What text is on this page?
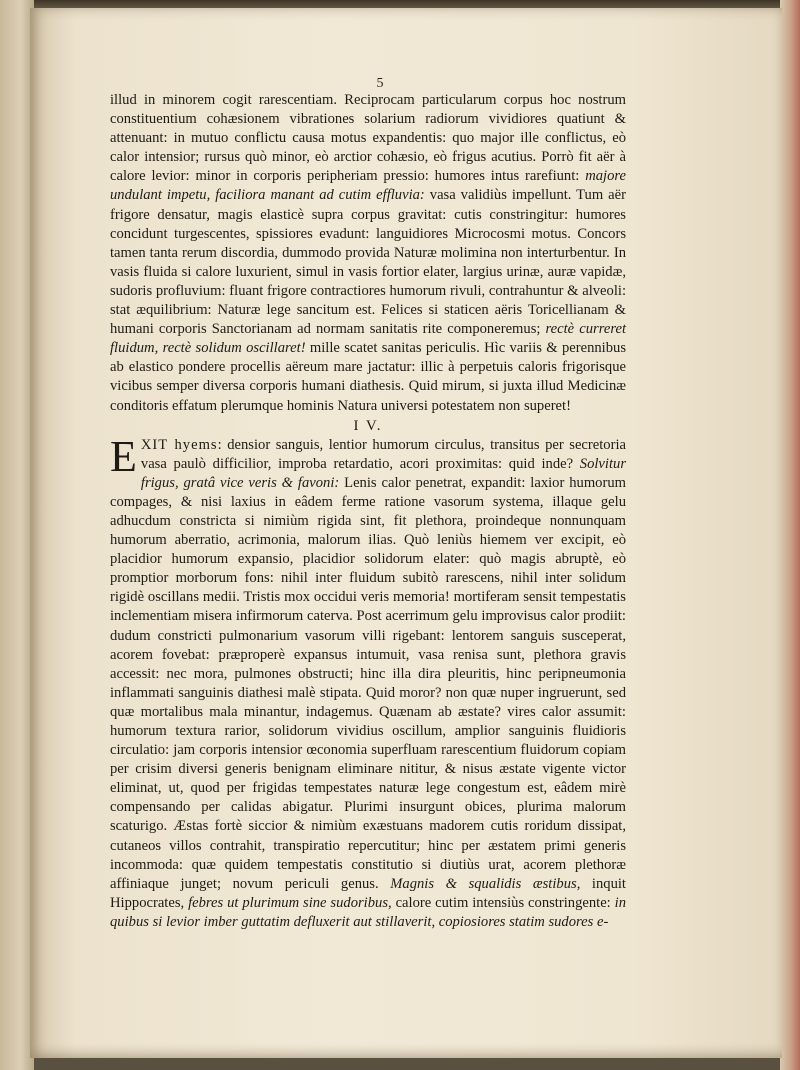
5

illud in minorem cogit rarescentiam. Reciprocam particularum corpus hoc nostrum constituentium cohæsionem vibrationes solarium radiorum vividiores quatiunt & attenuant: in mutuo conflictu causa motus expandentis: quo major ille conflictus, eò calor intensior; rursus quò minor, eò arctior cohæsio, eò frigus acutius. Porrò fit aër à calore levior: minor in corporis peripheriam pressio: humores intus rarefiunt: majore undulant impetu, faciliora manant ad cutim effluvia: vasa validiùs impellunt. Tum aër frigore densatur, magis elasticè supra corpus gravitat: cutis constringitur: humores concidunt turgescentes, spissiores evadunt: languidiores Microcosmi motus. Concors tamen tanta rerum discordia, dummodo provida Naturæ molimina non interturbentur. In vasis fluida si calore luxurient, simul in vasis fortior elater, largius urinæ, auræ vapidæ, sudoris profluvium: fluant frigore contractiores humorum rivuli, contrahuntur & alveoli: stat æquilibrium: Naturæ lege sancitum est. Felices si staticen aëris Toricellianam & humani corporis Sanctorianam ad normam sanitatis rite componeremus; rectè curreret fluidum, rectè solidum oscillaret! mille scatet sanitas periculis. Hìc variis & perennibus ab elastico pondere procellis aëreum mare jactatur: illic à perpetuis caloris frigorisque vicibus semper diversa corporis humani diathesis. Quid mirum, si juxta illud Medicinæ conditoris effatum plerumque hominis Natura universi potestatem non superet!

I V.

EXIT hyems: densior sanguis, lentior humorum circulus, transitus per secretoria vasa paulò difficilior, improba retardatio, acori proximitas: quid inde? Solvitur frigus, gratâ vice veris & favoni: Lenis calor penetrat, expandit: laxior humorum compages, & nisi laxius in eâdem ferme ratione vasorum systema, illaque gelu adhucdum constricta si nimiùm rigida sint, fit plethora, proindeque nonnunquam humorum aberratio, acrimonia, malorum ilias. Quò leniùs hiemem ver excipit, eò placidior humorum expansio, placidior solidorum elater: quò magis abruptè, eò promptior morborum fons: nihil inter fluidum subitò rarescens, nihil inter solidum rigidè oscillans medii. Tristis mox occidui veris memoria! mortiferam sensit tempestatis inclementiam misera infirmorum caterva. Post acerrimum gelu improvisus calor prodiit: dudum constricti pulmonarium vasorum villi rigebant: lentorem sanguis susceperat, acorem fovebat: præproperè expansus intumuit, vasa renisa sunt, plethora gravis accessit: nec mora, pulmones obstructi; hinc illa dira pleuritis, hinc peripneumonia inflammati sanguinis diathesi malè stipata. Quid moror? non quæ nuper ingruerunt, sed quæ mortalibus mala minantur, indagemus. Quænam ab æstate? vires calor assumit: humorum textura rarior, solidorum vividius oscillum, amplior sanguinis fluidioris circulatio: jam corporis intensior œconomia superfluam rarescentium fluidorum copiam per crisim diversi generis benignam eliminare nititur, & nisus æstate vigente victor eliminat, ut, quod per frigidas tempestates naturæ lege congestum est, eâdem mirè compensando per calidas abigatur. Plurimi insurgunt obices, plurima malorum scaturigo. Æstas fortè siccior & nimiùm exæstuans madorem cutis roridum dissipat, cutaneos villos contrahit, transpiratio repercutitur; hinc per æstatem primi generis incommoda: quæ quidem tempestatis constitutio si diutiùs urat, acorem plethoræ affiniaque junget; novum periculi genus. Magnis & squalidis æstibus, inquit Hippocrates, febres ut plurimum sine sudoribus, calore cutim intensiùs constringente: in quibus si levior imber guttatim defluxerit aut stillaverit, copiosiores statim sudores e-
